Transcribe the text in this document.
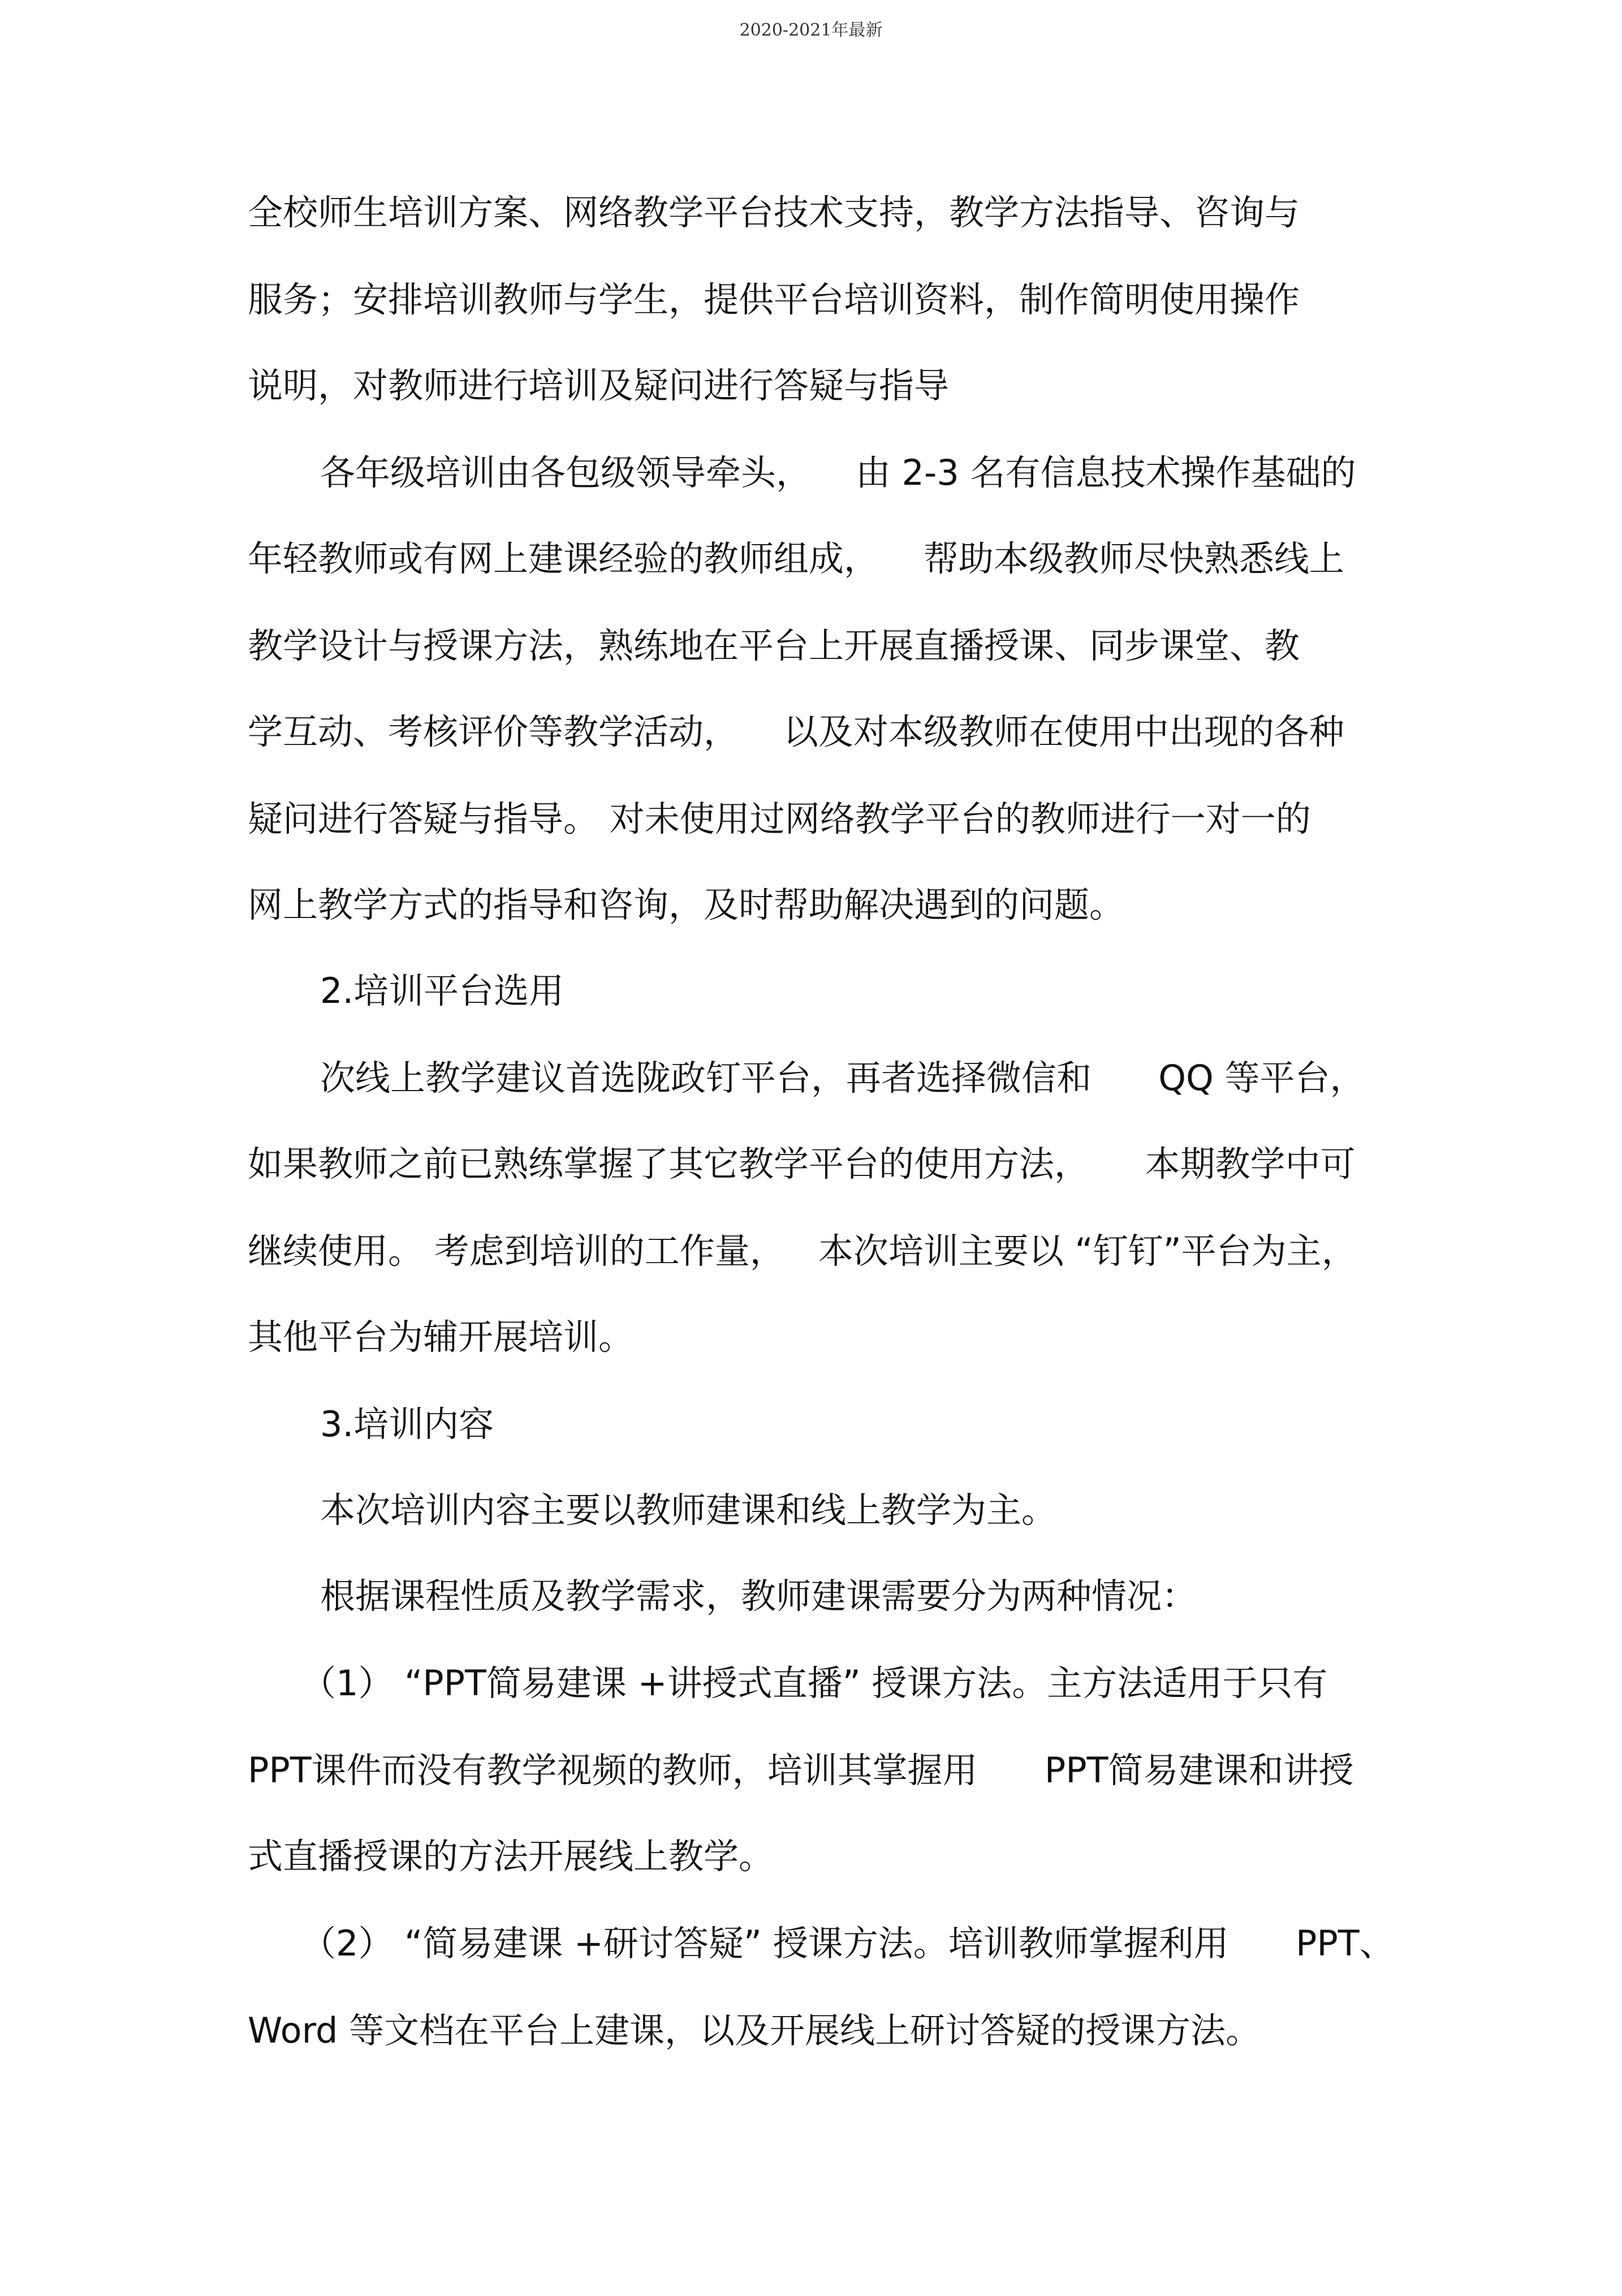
2020-2021年最新
全校师生培训方案、网络教学平台技术支持，教学方法指导、咨询与
服务；安排培训教师与学生，提供平台培训资料，制作简明使用操作
说明，对教师进行培训及疑问进行答疑与指导
各年级培训由各包级领导牵头，    由 2-3 名有信息技术操作基础的
年轻教师或有网上建课经验的教师组成，    帮助本级教师尽快熟悉线上
教学设计与授课方法，熟练地在平台上开展直播授课、同步课堂、教
学互动、考核评价等教学活动，    以及对本级教师在使用中出现的各种
疑问进行答疑与指导。 对未使用过网络教学平台的教师进行一对一的
网上教学方式的指导和咨询，及时帮助解决遇到的问题。
2.培训平台选用
次线上教学建议首选陇政钉平台，再者选择微信和      QQ 等平台，
如果教师之前已熟练掌握了其它教学平台的使用方法，     本期教学中可
继续使用。 考虑到培训的工作量，   本次培训主要以 “钉钉”平台为主，
其他平台为辅开展培训。
3.培训内容
本次培训内容主要以教师建课和线上教学为主。
根据课程性质及教学需求，教师建课需要分为两种情况：
（1） “PPT简易建课 +讲授式直播” 授课方法。主方法适用于只有
PPT课件而没有教学视频的教师，培训其掌握用      PPT简易建课和讲授
式直播授课的方法开展线上教学。
（2） “简易建课 +研讨答疑” 授课方法。培训教师掌握利用      PPT、
Word 等文档在平台上建课，以及开展线上研讨答疑的授课方法。
